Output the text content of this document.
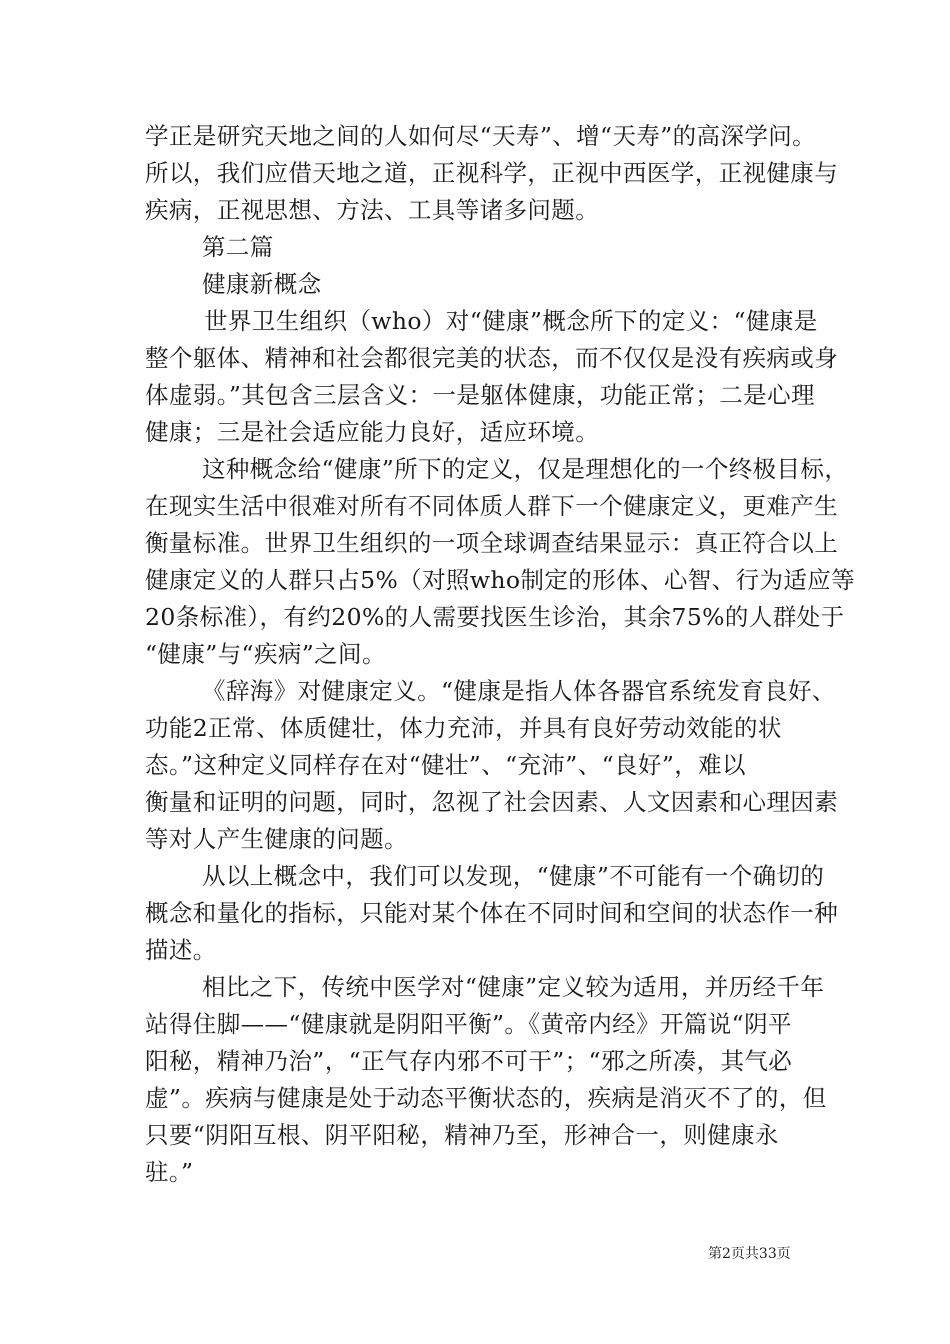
学正是研究天地之间的人如何尽“天寿”、增“天寿”的高深学问。
所以，我们应借天地之道，正视科学，正视中西医学，正视健康与
疾病，正视思想、方法、工具等诸多问题。
第二篇
健康新概念
世界卫生组织（who）对“健康”概念所下的定义：“健康是
整个躯体、精神和社会都很完美的状态，而不仅仅是没有疾病或身
体虚弱。”其包含三层含义：一是躯体健康，功能正常；二是心理
健康；三是社会适应能力良好，适应环境。
这种概念给“健康”所下的定义，仅是理想化的一个终极目标，
在现实生活中很难对所有不同体质人群下一个健康定义，更难产生
衡量标准。世界卫生组织的一项全球调查结果显示：真正符合以上
健康定义的人群只占5%（对照who制定的形体、心智、行为适应等
20条标准），有约20%的人需要找医生诊治，其余75%的人群处于
“健康”与“疾病”之间。
《辞海》对健康定义。“健康是指人体各器官系统发育良好、
功能2正常、体质健壮，体力充沛，并具有良好劳动效能的状
态。”这种定义同样存在对“健壮”、“充沛”、“良好”，难以
衡量和证明的问题，同时，忽视了社会因素、人文因素和心理因素
等对人产生健康的问题。
从以上概念中，我们可以发现，“健康”不可能有一个确切的
概念和量化的指标，只能对某个体在不同时间和空间的状态作一种
描述。
相比之下，传统中医学对“健康”定义较为适用，并历经千年
站得住脚——“健康就是阴阳平衡”。《黄帝内经》开篇说“阴平
阳秘，精神乃治”，“正气存内邪不可干”；“邪之所凑，其气必
虚”。疾病与健康是处于动态平衡状态的，疾病是消灭不了的，但
只要“阴阳互根、阴平阳秘，精神乃至，形神合一，则健康永
驻。”
第2页共33页
